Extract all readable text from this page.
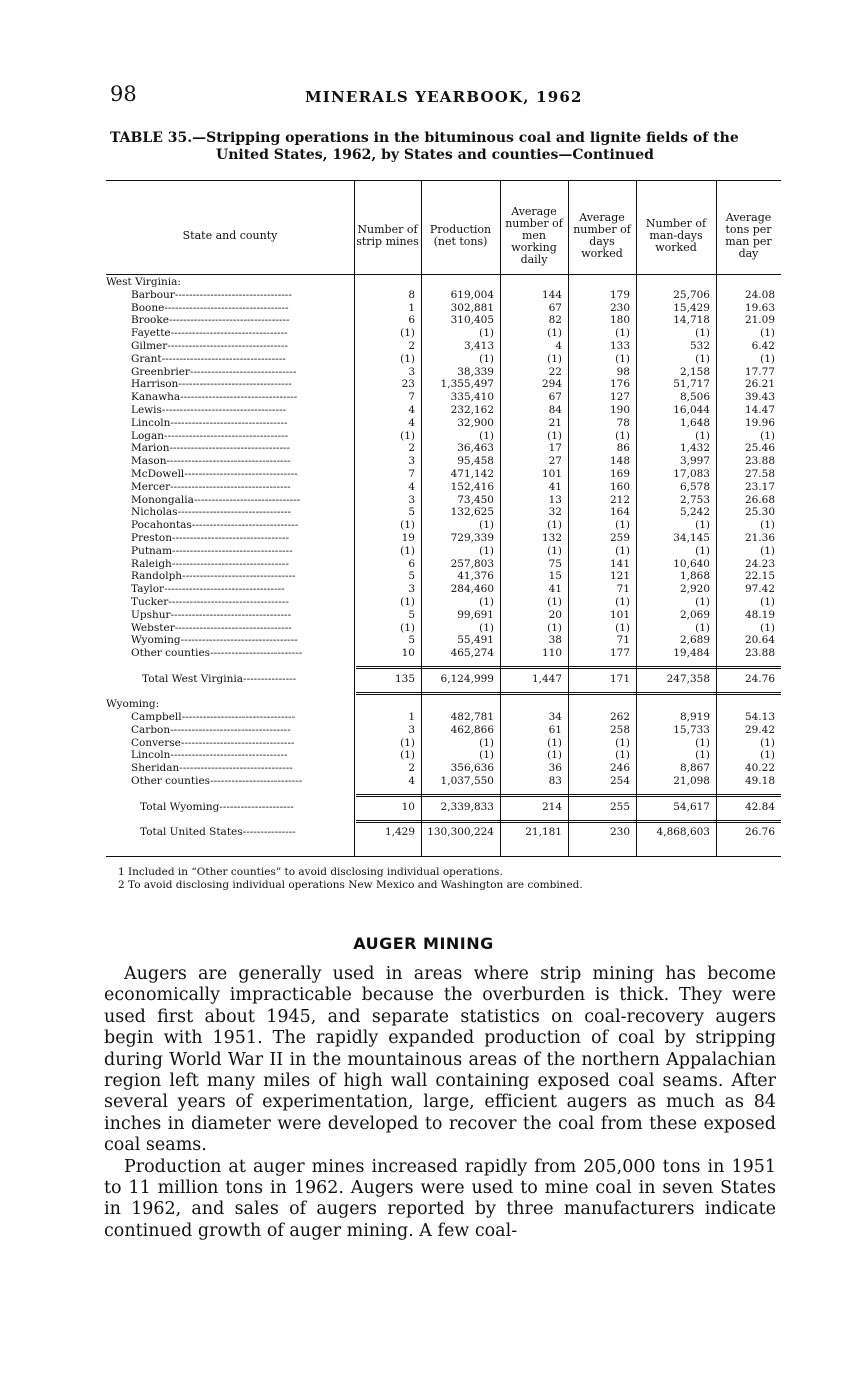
98	MINERALS YEARBOOK, 1962
TABLE 35.—Stripping operations in the bituminous coal and lignite fields of the
United States, 1962, by States and counties—Continued
State and county	Number of strip mines
Production (net tons)
Average number of men working daily
Average number of days worked
Number of man-days worked
Average tons per man per day
West Virginia:
Barbour---------------------------------
Boone-----------------------------------
Brooke----------------------------------
Fayette---------------------------------
Gilmer----------------------------------
Grant-----------------------------------
Greenbrier------------------------------
Harrison--------------------------------
Kanawha---------------------------------
Lewis-----------------------------------
Lincoln---------------------------------
Logan-----------------------------------
Marion----------------------------------
Mason-----------------------------------
McDowell--------------------------------
Mercer----------------------------------
Monongalia------------------------------
Nicholas--------------------------------
Pocahontas------------------------------
Preston---------------------------------
Putnam----------------------------------
Raleigh---------------------------------
Randolph--------------------------------
Taylor----------------------------------
Tucker----------------------------------
Upshur----------------------------------
Webster---------------------------------
Wyoming---------------------------------
Other counties--------------------------
Total West Virginia---------------
Wyoming:
Campbell--------------------------------
Carbon----------------------------------
Converse--------------------------------
Lincoln---------------------------------
Sheridan--------------------------------
Other counties--------------------------
Total Wyoming---------------------
Total United States---------------
8
1
6
(1)
2
(1)
3
23
7
4
4
(1)
2
3
7
4
3
5
(1)
19
(1)
6
5
3
(1)
5
(1)
5
10
135
1
3
(1)
(1)
2
4
10
1,429
619,004
302,881
310,405
(1)
3,413
(1)
38,339
1,355,497
335,410
232,162
32,900
(1)
36,463
95,458
471,142
152,416
73,450
132,625
(1)
729,339
(1)
257,803
41,376
284,460
(1)
99,691
(1)
55,491
465,274
6,124,999
482,781
462,866
(1)
(1)
356,636
1,037,550
2,339,833
130,300,224
144
67
82
(1)
4
(1)
22
294
67
84
21
(1)
17
27
101
41
13
32
(1)
132
(1)
75
15
41
(1)
20
(1)
38
110
1,447
34
61
(1)
(1)
36
83
214
21,181
179
230
180
(1)
133
(1)
98
176
127
190
78
(1)
86
148
169
160
212
164
(1)
259
(1)
141
121
71
(1)
101
(1)
71
177
171
262
258
(1)
(1)
246
254
255
230
25,706
15,429
14,718
(1)
532
(1)
2,158
51,717
8,506
16,044
1,648
(1)
1,432
3,997
17,083
6,578
2,753
5,242
(1)
34,145
(1)
10,640
1,868
2,920
(1)
2,069
(1)
2,689
19,484
247,358
8,919
15,733
(1)
(1)
8,867
21,098
54,617
4,868,603
24.08
19.63
21.09
(1)
6.42
(1)
17.77
26.21
39.43
14.47
19.96
(1)
25.46
23.88
27.58
23.17
26.68
25.30
(1)
21.36
(1)
24.23
22.15
97.42
(1)
48.19
(1)
20.64
23.88
24.76
54.13
29.42
(1)
(1)
40.22
49.18
42.84
26.76
1 Included in “Other counties” to avoid disclosing individual operations.
2 To avoid disclosing individual operations New Mexico and Washington are combined.
AUGER MINING

Augers are generally used in areas where strip mining has become economically impracticable because the overburden is thick. They were used first about 1945, and separate statistics on coal-recovery augers begin with 1951. The rapidly expanded production of coal by stripping during World War II in the mountainous areas of the northern Appalachian region left many miles of high wall containing exposed coal seams. After several years of experimentation, large, efficient augers as much as 84 inches in diameter were developed to recover the coal from these exposed coal seams.

Production at auger mines increased rapidly from 205,000 tons in 1951 to 11 million tons in 1962. Augers were used to mine coal in seven States in 1962, and sales of augers reported by three manufacturers indicate continued growth of auger mining. A few coal-
